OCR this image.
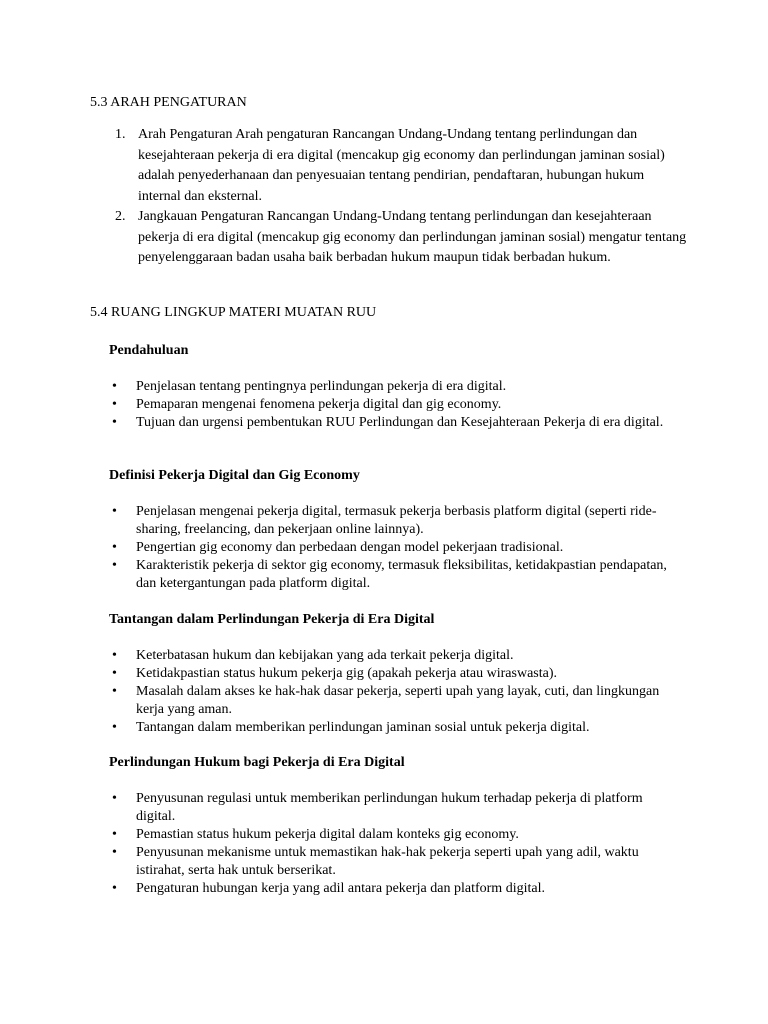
5.3 ARAH PENGATURAN
1. Arah Pengaturan Arah pengaturan Rancangan Undang-Undang tentang perlindungan dan kesejahteraan pekerja di era digital (mencakup gig economy dan perlindungan jaminan sosial) adalah penyederhanaan dan penyesuaian tentang pendirian, pendaftaran, hubungan hukum internal dan eksternal.
2. Jangkauan Pengaturan Rancangan Undang-Undang tentang perlindungan dan kesejahteraan pekerja di era digital (mencakup gig economy dan perlindungan jaminan sosial) mengatur tentang penyelenggaraan badan usaha baik berbadan hukum maupun tidak berbadan hukum.
5.4 RUANG LINGKUP MATERI MUATAN RUU
Pendahuluan
• Penjelasan tentang pentingnya perlindungan pekerja di era digital.
• Pemaparan mengenai fenomena pekerja digital dan gig economy.
• Tujuan dan urgensi pembentukan RUU Perlindungan dan Kesejahteraan Pekerja di era digital.
Definisi Pekerja Digital dan Gig Economy
• Penjelasan mengenai pekerja digital, termasuk pekerja berbasis platform digital (seperti ride-sharing, freelancing, dan pekerjaan online lainnya).
• Pengertian gig economy dan perbedaan dengan model pekerjaan tradisional.
• Karakteristik pekerja di sektor gig economy, termasuk fleksibilitas, ketidakpastian pendapatan, dan ketergantungan pada platform digital.
Tantangan dalam Perlindungan Pekerja di Era Digital
• Keterbatasan hukum dan kebijakan yang ada terkait pekerja digital.
• Ketidakpastian status hukum pekerja gig (apakah pekerja atau wiraswasta).
• Masalah dalam akses ke hak-hak dasar pekerja, seperti upah yang layak, cuti, dan lingkungan kerja yang aman.
• Tantangan dalam memberikan perlindungan jaminan sosial untuk pekerja digital.
Perlindungan Hukum bagi Pekerja di Era Digital
• Penyusunan regulasi untuk memberikan perlindungan hukum terhadap pekerja di platform digital.
• Pemastian status hukum pekerja digital dalam konteks gig economy.
• Penyusunan mekanisme untuk memastikan hak-hak pekerja seperti upah yang adil, waktu istirahat, serta hak untuk berserikat.
• Pengaturan hubungan kerja yang adil antara pekerja dan platform digital.
